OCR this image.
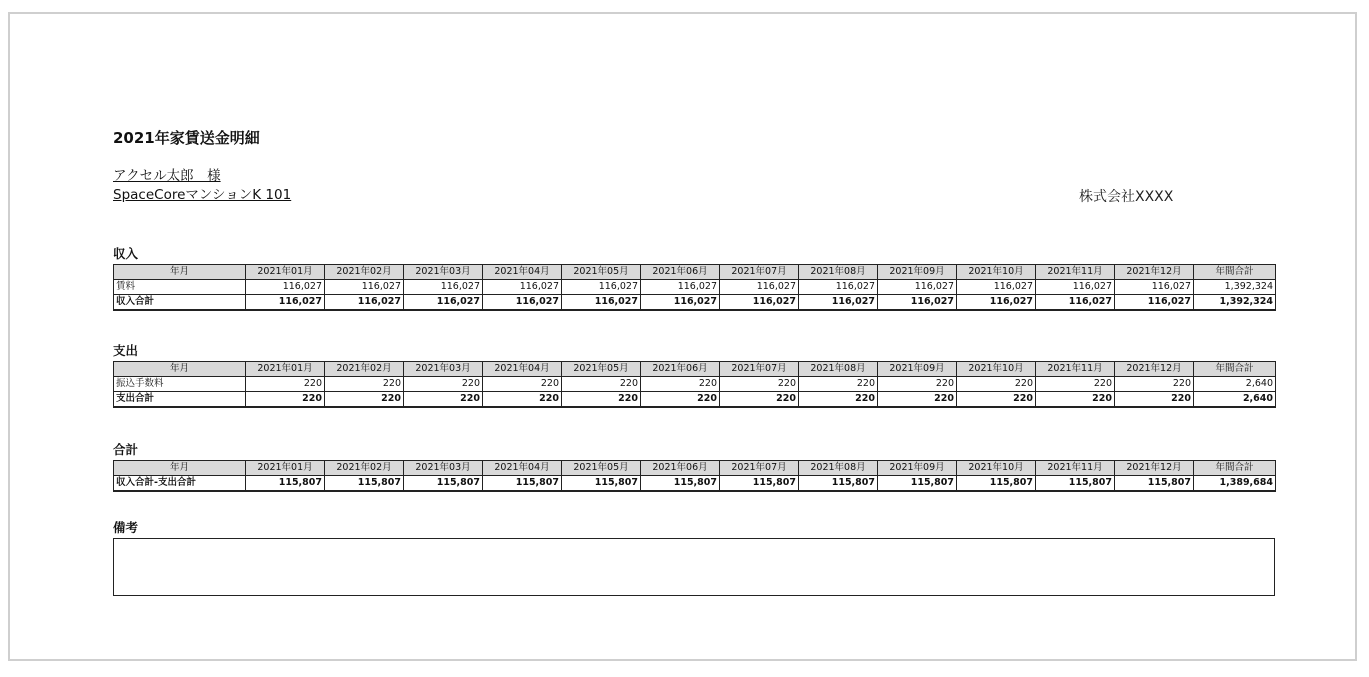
2021年家賃送金明細
アクセル太郎　様
SpaceCoreマンションK 101	株式会社XXXX
収入
年月	2021年01月	2021年02月	2021年03月	2021年04月	2021年05月	2021年06月	2021年07月	2021年08月	2021年09月	2021年10月	2021年11月	2021年12月	年間合計
賃料	116,027	116,027	116,027	116,027	116,027	116,027	116,027	116,027	116,027	116,027	116,027	116,027	1,392,324
収入合計	116,027	116,027	116,027	116,027	116,027	116,027	116,027	116,027	116,027	116,027	116,027	116,027	1,392,324
支出
年月	2021年01月	2021年02月	2021年03月	2021年04月	2021年05月	2021年06月	2021年07月	2021年08月	2021年09月	2021年10月	2021年11月	2021年12月	年間合計
振込手数料	220	220	220	220	220	220	220	220	220	220	220	220	2,640
支出合計	220	220	220	220	220	220	220	220	220	220	220	220	2,640
合計
年月	2021年01月	2021年02月	2021年03月	2021年04月	2021年05月	2021年06月	2021年07月	2021年08月	2021年09月	2021年10月	2021年11月	2021年12月	年間合計
収入合計-支出合計	115,807	115,807	115,807	115,807	115,807	115,807	115,807	115,807	115,807	115,807	115,807	115,807	1,389,684
備考
